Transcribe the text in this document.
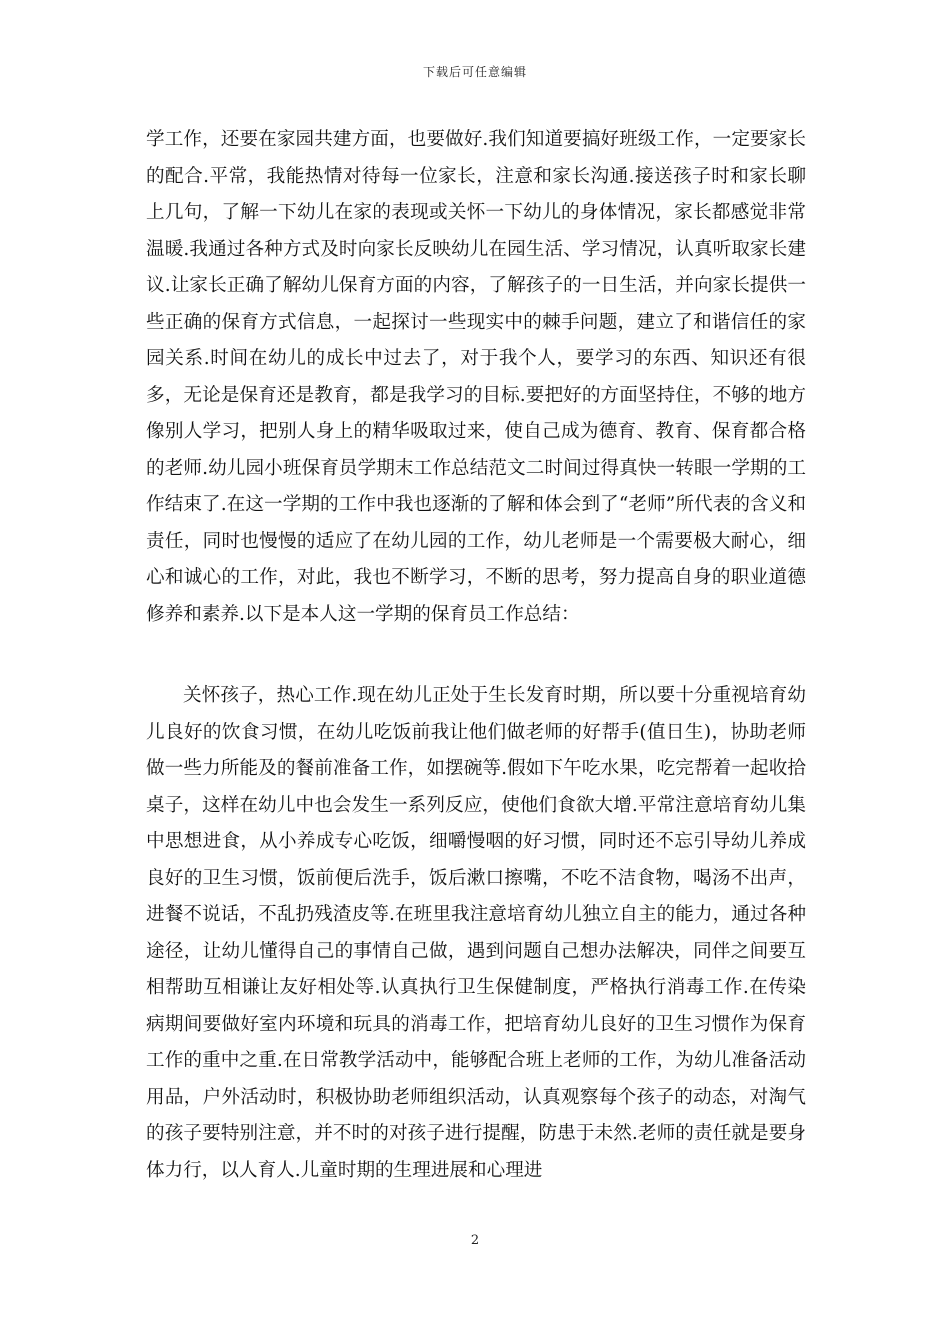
下载后可任意编辑
学工作，还要在家园共建方面，也要做好.我们知道要搞好班级工作，一定要家长的配合.平常，我能热情对待每一位家长，注意和家长沟通.接送孩子时和家长聊上几句，了解一下幼儿在家的表现或关怀一下幼儿的身体情况，家长都感觉非常温暖.我通过各种方式及时向家长反映幼儿在园生活、学习情况，认真听取家长建议.让家长正确了解幼儿保育方面的内容，了解孩子的一日生活，并向家长提供一些正确的保育方式信息，一起探讨一些现实中的棘手问题，建立了和谐信任的家园关系.时间在幼儿的成长中过去了，对于我个人，要学习的东西、知识还有很多，无论是保育还是教育，都是我学习的目标.要把好的方面坚持住，不够的地方像别人学习，把别人身上的精华吸取过来，使自己成为德育、教育、保育都合格的老师.幼儿园小班保育员学期末工作总结范文二时间过得真快一转眼一学期的工作结束了.在这一学期的工作中我也逐渐的了解和体会到了“老师”所代表的含义和责任，同时也慢慢的适应了在幼儿园的工作，幼儿老师是一个需要极大耐心，细心和诚心的工作，对此，我也不断学习，不断的思考，努力提高自身的职业道德修养和素养.以下是本人这一学期的保育员工作总结：
关怀孩子，热心工作.现在幼儿正处于生长发育时期，所以要十分重视培育幼儿良好的饮食习惯，在幼儿吃饭前我让他们做老师的好帮手(值日生)，协助老师做一些力所能及的餐前准备工作，如摆碗等.假如下午吃水果，吃完帮着一起收拾桌子，这样在幼儿中也会发生一系列反应，使他们食欲大增.平常注意培育幼儿集中思想进食，从小养成专心吃饭，细嚼慢咽的好习惯，同时还不忘引导幼儿养成良好的卫生习惯，饭前便后洗手，饭后漱口擦嘴，不吃不洁食物，喝汤不出声，进餐不说话，不乱扔残渣皮等.在班里我注意培育幼儿独立自主的能力，通过各种途径，让幼儿懂得自己的事情自己做，遇到问题自己想办法解决，同伴之间要互相帮助互相谦让友好相处等.认真执行卫生保健制度，严格执行消毒工作.在传染病期间要做好室内环境和玩具的消毒工作，把培育幼儿良好的卫生习惯作为保育工作的重中之重.在日常教学活动中，能够配合班上老师的工作，为幼儿准备活动用品，户外活动时，积极协助老师组织活动，认真观察每个孩子的动态，对淘气的孩子要特别注意，并不时的对孩子进行提醒，防患于未然.老师的责任就是要身体力行，以人育人.儿童时期的生理进展和心理进
2
